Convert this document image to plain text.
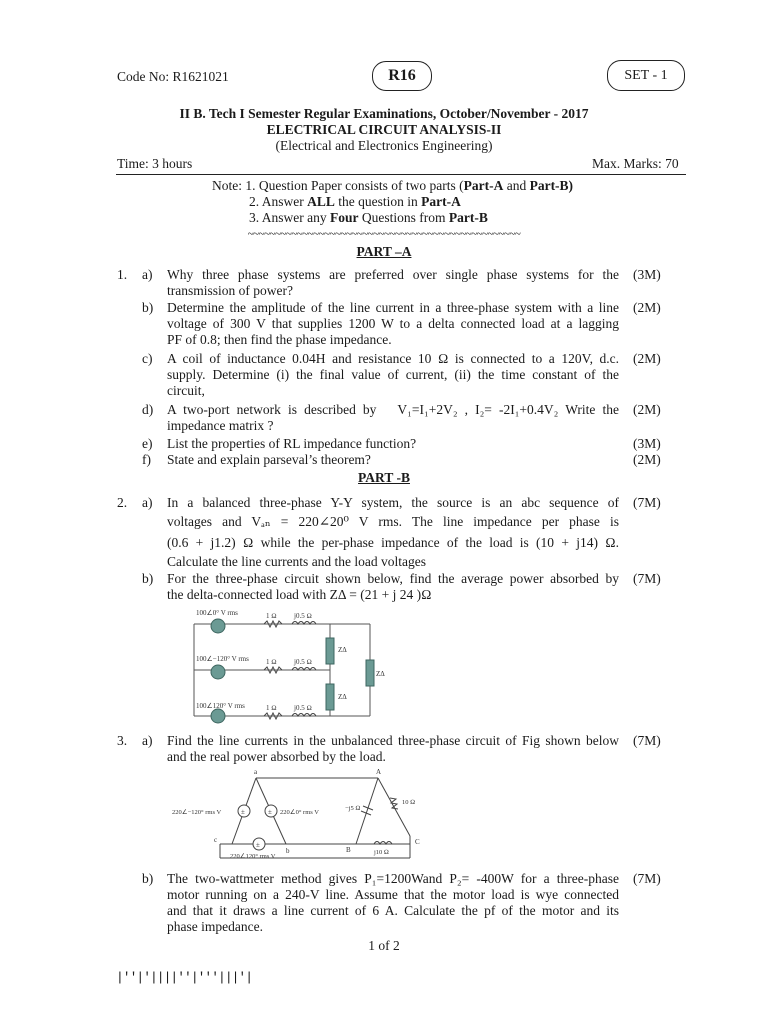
Code No: R1621021	R16	SET - 1
II B. Tech I Semester Regular Examinations, October/November - 2017
ELECTRICAL CIRCUIT ANALYSIS-II
(Electrical and Electronics Engineering)
Time: 3 hours	Max. Marks: 70
Note: 1. Question Paper consists of two parts (Part-A and Part-B)
2. Answer ALL the question in Part-A
3. Answer any Four Questions from Part-B
~~~~~~~~~~~~~~~~~~~~~~~~~~~~~~~~~~~~~~~~~~~~~~~~~~
PART –A
1. a) Why three phase systems are preferred over single phase systems for the
transmission of power?
(3M)
b) Determine the amplitude of the line current in a three-phase system with a line
voltage of 300 V that supplies 1200 W to a delta connected load at a lagging
PF of 0.8; then find the phase impedance.
(2M)
c) A coil of inductance 0.04H and resistance 10 Ω is connected to a 120V, d.c.
supply. Determine (i) the final value of current, (ii) the time constant of the
circuit,
(2M)
d) A two-port network is described by   V₁=I₁+2V₂ , I₂= -2I₁+0.4V₂ Write the
impedance matrix ?
(2M)
e) List the properties of RL impedance function?	(3M)
f) State and explain parseval’s theorem?	(2M)
PART -B
2. a) In a balanced three-phase Y-Y system, the source is an abc sequence of
voltages and Vₐₙ = 220∠20⁰ V rms. The line impedance per phase is
(0.6 + j1.2) Ω while the per-phase impedance of the load is (10 + j14) Ω.
Calculate the line currents and the load voltages
(7M)
b) For the three-phase circuit shown below, find the average power absorbed by
the delta-connected load with ZΔ = (21 + j 24 )Ω
(7M)
100∠0° V rms
100∠−120° V rms
100∠120° V rms
1 Ω
1 Ω
1 Ω
j0.5 Ω
j0.5 Ω
j0.5 Ω
ZΔ
ZΔ
ZΔ
3. a) Find the line currents in the unbalanced three-phase circuit of Fig shown below
and the real power absorbed by the load.
(7M)
±	±
±
220∠−120° rms V	220∠0° rms V
220∠120° rms V
−j5 Ω
10 Ω
j10 Ω
a	A
b	B
c	C
b) The two-wattmeter method gives P₁=1200Wand P₂= -400W for a three-phase
motor running on a 240-V line. Assume that the motor load is wye connected
and that it draws a line current of 6 A. Calculate the pf of the motor and its
phase impedance.
(7M)
1 of 2
|''|'||||''|'''|||'|
